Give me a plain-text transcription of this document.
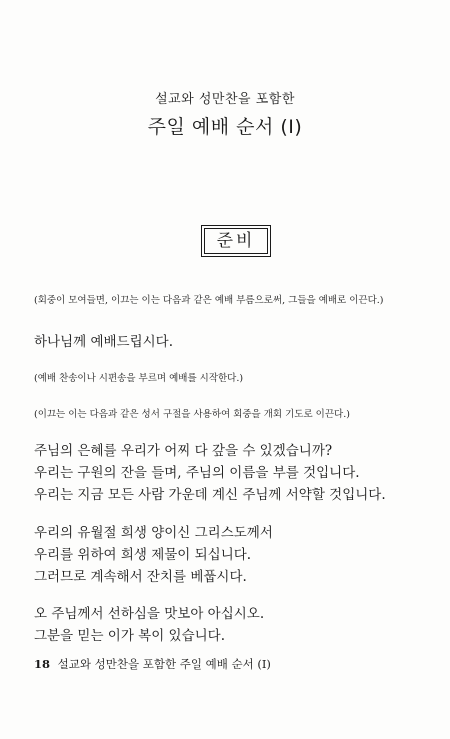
설교와 성만찬을 포함한
주일 예배 순서 (I)
준비
(회중이 모여들면, 이끄는 이는 다음과 같은 예배 부름으로써, 그들을 예배로 이끈다.)
하나님께 예배드립시다.
(예배 찬송이나 시편송을 부르며 예배를 시작한다.)
(이끄는 이는 다음과 같은 성서 구절을 사용하여 회중을 개회 기도로 이끈다.)
주님의 은혜를 우리가 어찌 다 갚을 수 있겠습니까?
우리는 구원의 잔을 들며, 주님의 이름을 부를 것입니다.
우리는 지금 모든 사람 가운데 계신 주님께 서약할 것입니다.
우리의 유월절 희생 양이신 그리스도께서
우리를 위하여 희생 제물이 되십니다.
그러므로 계속해서 잔치를 베풉시다.
오 주님께서 선하심을 맛보아 아십시오.
그분을 믿는 이가 복이 있습니다.
18 설교와 성만찬을 포함한 주일 예배 순서 (I)
